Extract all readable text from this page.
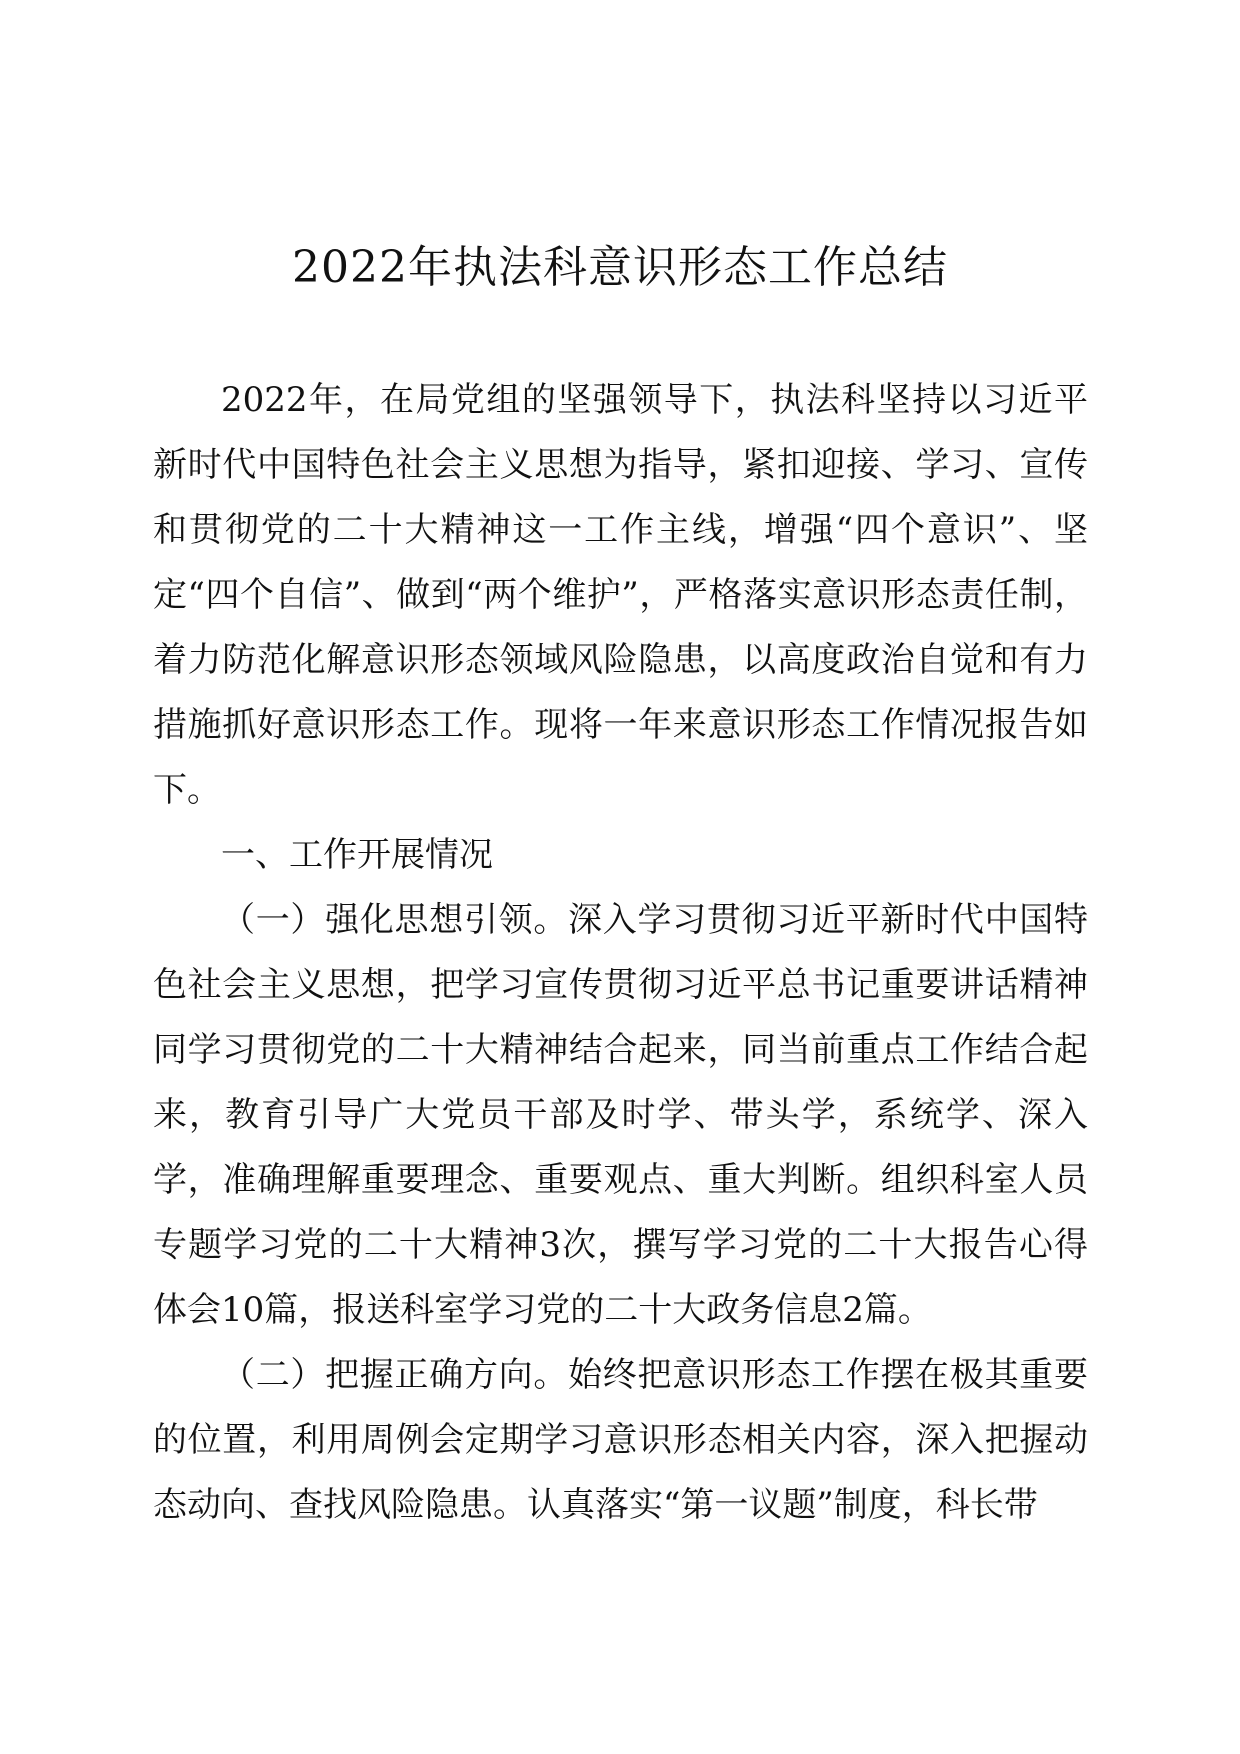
2022年执法科意识形态工作总结

2022年，在局党组的坚强领导下，执法科坚持以习近平新时代中国特色社会主义思想为指导，紧扣迎接、学习、宣传和贯彻党的二十大精神这一工作主线，增强“四个意识”、坚定“四个自信”、做到“两个维护”，严格落实意识形态责任制，着力防范化解意识形态领域风险隐患，以高度政治自觉和有力措施抓好意识形态工作。现将一年来意识形态工作情况报告如下。

一、工作开展情况

（一）强化思想引领。深入学习贯彻习近平新时代中国特色社会主义思想，把学习宣传贯彻习近平总书记重要讲话精神同学习贯彻党的二十大精神结合起来，同当前重点工作结合起来，教育引导广大党员干部及时学、带头学，系统学、深入学，准确理解重要理念、重要观点、重大判断。组织科室人员专题学习党的二十大精神3次，撰写学习党的二十大报告心得体会10篇，报送科室学习党的二十大政务信息2篇。

（二）把握正确方向。始终把意识形态工作摆在极其重要的位置，利用周例会定期学习意识形态相关内容，深入把握动态动向、查找风险隐患。认真落实“第一议题”制度，科长带
